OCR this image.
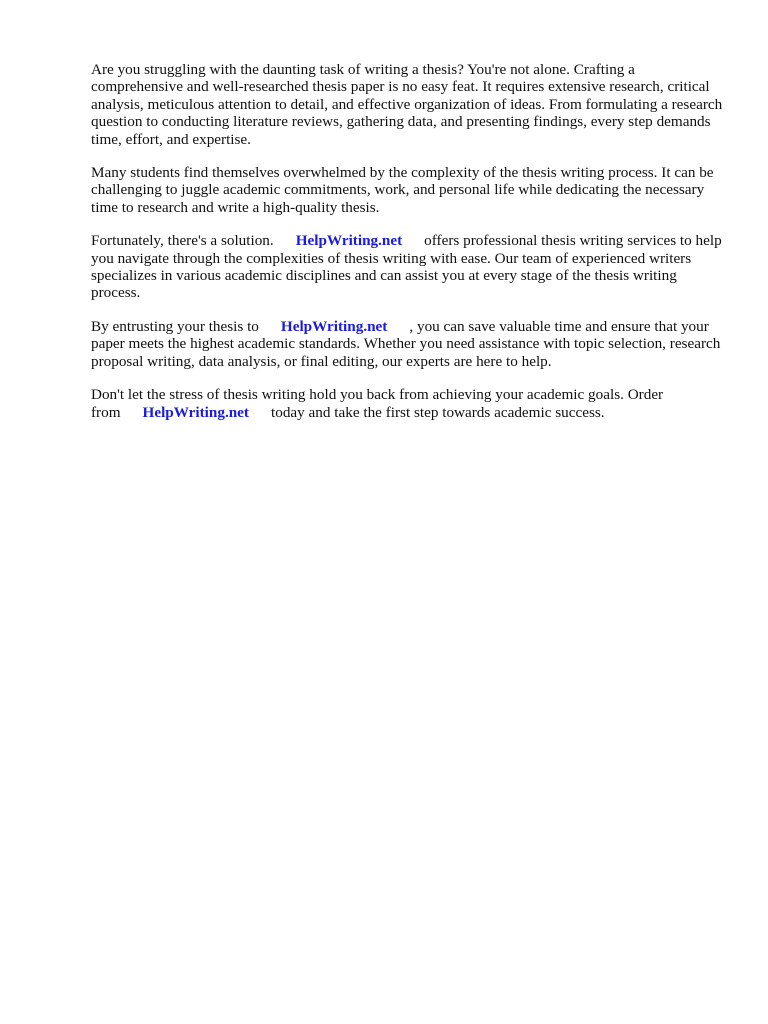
Are you struggling with the daunting task of writing a thesis? You're not alone. Crafting a comprehensive and well-researched thesis paper is no easy feat. It requires extensive research, critical analysis, meticulous attention to detail, and effective organization of ideas. From formulating a research question to conducting literature reviews, gathering data, and presenting findings, every step demands time, effort, and expertise.

Many students find themselves overwhelmed by the complexity of the thesis writing process. It can be challenging to juggle academic commitments, work, and personal life while dedicating the necessary time to research and write a high-quality thesis.

Fortunately, there's a solution. HelpWriting.net offers professional thesis writing services to help you navigate through the complexities of thesis writing with ease. Our team of experienced writers specializes in various academic disciplines and can assist you at every stage of the thesis writing process.

By entrusting your thesis to HelpWriting.net , you can save valuable time and ensure that your paper meets the highest academic standards. Whether you need assistance with topic selection, research proposal writing, data analysis, or final editing, our experts are here to help.

Don't let the stress of thesis writing hold you back from achieving your academic goals. Order from HelpWriting.net today and take the first step towards academic success.
